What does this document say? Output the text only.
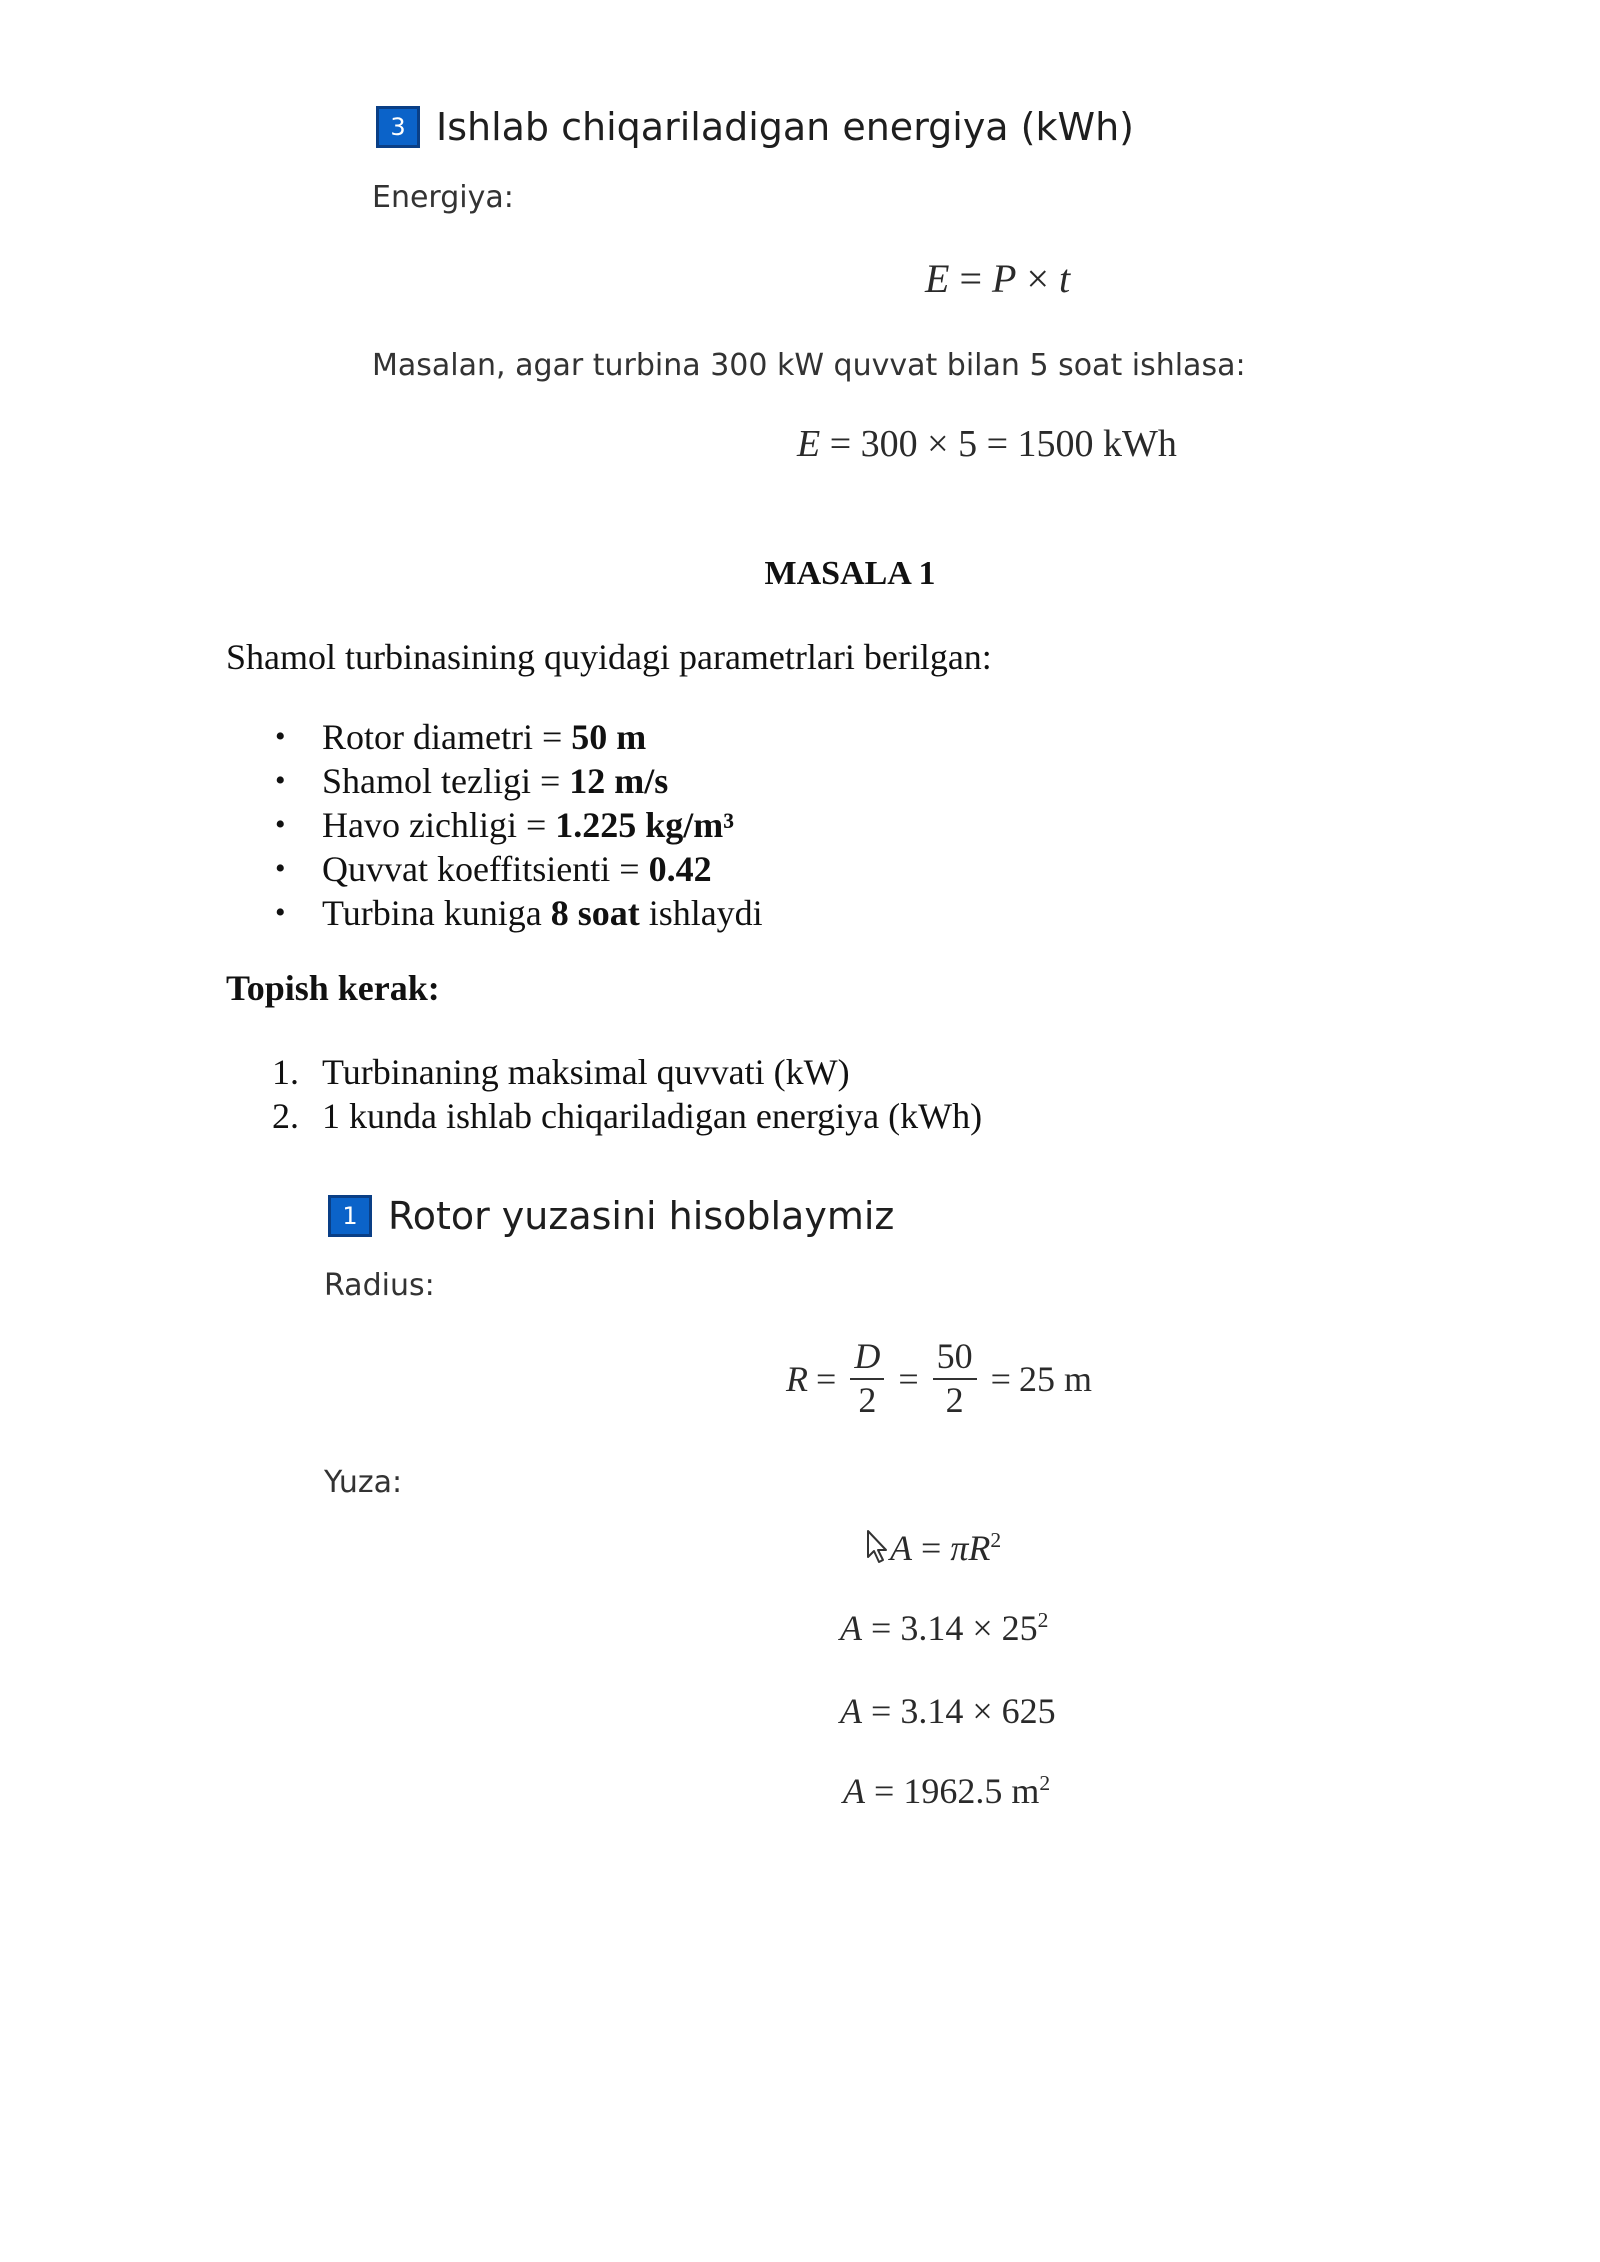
3 Ishlab chiqariladigan energiya (kWh)
Energiya:
E = P × t
Masalan, agar turbina 300 kW quvvat bilan 5 soat ishlasa:
E = 300 × 5 = 1500 kWh
MASALA 1
Shamol turbinasining quyidagi parametrlari berilgan:
• Rotor diametri = 50 m
• Shamol tezligi = 12 m/s
• Havo zichligi = 1.225 kg/m³
• Quvvat koeffitsienti = 0.42
• Turbina kuniga 8 soat ishlaydi
Topish kerak:
1. Turbinaning maksimal quvvati (kW)
2. 1 kunda ishlab chiqariladigan energiya (kWh)
1 Rotor yuzasini hisoblaymiz
Radius:
$R = \frac{D}{2} = \frac{50}{2} = 25$ m
Yuza:
$A = \pi R^2$
$A = 3.14 \times 25^2$
A = 3.14 × 625
A = 1962.5 $m^2$
